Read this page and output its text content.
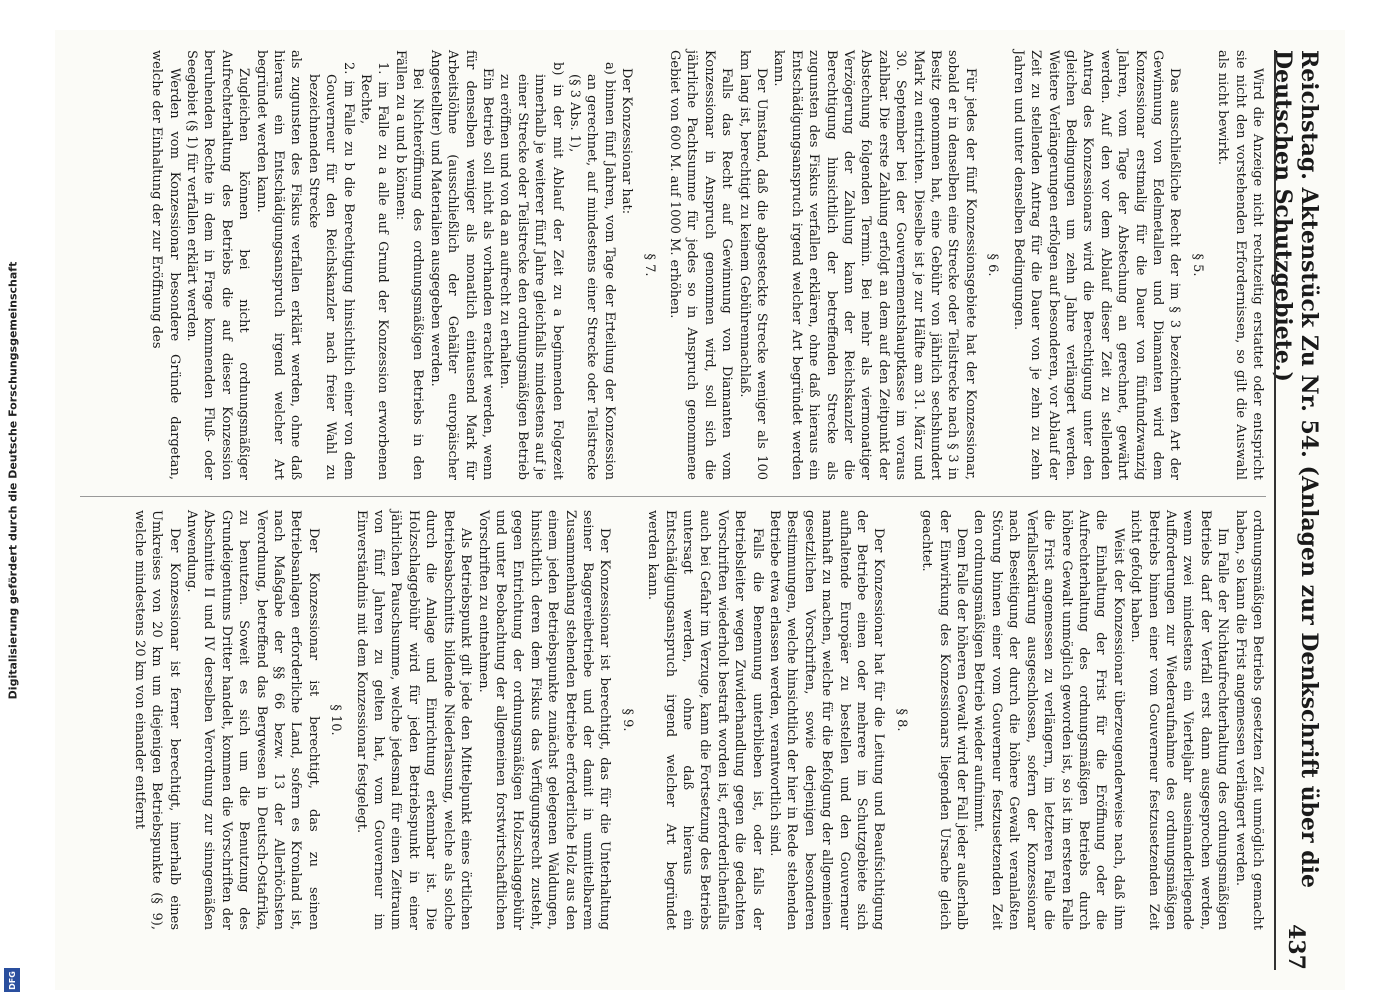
Digitalisierung gefördert durch die Deutsche Forschungsgemeinschaft
DFG
Reichstag. Aktenstück Zu Nr. 54. (Anlagen zur Denkschrift über die Deutschen Schutzgebiete.)
437

Wird die Anzeige nicht rechtzeitig erstattet oder entspricht sie nicht den vorstehenden Erfordernissen, so gilt die Auswahl als nicht bewirkt.

§ 5.

Das ausschließliche Recht der im § 3 bezeichneten Art der Gewinnung von Edelmetallen und Diamanten wird dem Konzessionar erstmalig für die Dauer von fünfundzwanzig Jahren, vom Tage der Abstechung an gerechnet, gewährt werden. Auf den vor dem Ablauf dieser Zeit zu stellenden Antrag des Konzessionars wird die Berechtigung unter den gleichen Bedingungen um zehn Jahre verlängert werden. Weitere Verlängerungen erfolgen auf besonderen, vor Ablauf der Zeit zu stellenden Antrag für die Dauer von je zehn zu zehn Jahren und unter denselben Bedingungen.

§ 6.

Für jedes der fünf Konzessionsgebiete hat der Konzessionar, sobald er in denselben eine Strecke oder Teilstrecke nach § 3 in Besitz genommen hat, eine Gebühr von jährlich sechshundert Mark zu entrichten. Dieselbe ist je zur Hälfte am 31. März und 30. September bei der Gouvernementshauptkasse im voraus zahlbar. Die erste Zahlung erfolgt an dem auf den Zeitpunkt der Abstechung folgenden Termin. Bei mehr als viermonatiger Verzögerung der Zahlung kann der Reichskanzler die Berechtigung hinsichtlich der betreffenden Strecke als zugunsten des Fiskus verfallen erklären, ohne daß hieraus ein Entschädigungsanspruch irgend welcher Art begründet werden kann.

Der Umstand, daß die abgesteckte Strecke weniger als 100 km lang ist, berechtigt zu keinem Gebührennachlaß.

Falls das Recht auf Gewinnung von Diamanten vom Konzessionar in Anspruch genommen wird, soll sich die jährliche Pachtsumme für jedes so in Anspruch genommene Gebiet von 600 M. auf 1000 M. erhöhen.

§ 7.

Der Konzessionar hat:

a) binnen fünf Jahren, vom Tage der Erteilung der Konzession an gerechnet, auf mindestens einer Strecke oder Teilstrecke (§ 3 Abs. 1),

b) in der mit Ablauf der Zeit zu a beginnenden Folgezeit innerhalb je weiterer fünf Jahre gleichfalls mindestens auf je einer Strecke oder Teilstrecke den ordnungsmäßigen Betrieb zu eröffnen und von da an aufrecht zu erhalten.

Ein Betrieb soll nicht als vorhanden erachtet werden, wenn für denselben weniger als monatlich eintausend Mark für Arbeitslöhne (ausschließlich der Gehälter europäischer Angestellter) und Materialien ausgegeben werden.

Bei Nichteröffnung des ordnungsmäßigen Betriebs in den Fällen zu a und b können:

1. im Falle zu a alle auf Grund der Konzession erworbenen Rechte,

2. im Falle zu b die Berechtigung hinsichtlich einer von dem Gouverneur für den Reichskanzler nach freier Wahl zu bezeichnenden Strecke

als zugunsten des Fiskus verfallen erklärt werden, ohne daß hieraus ein Entschädigungsanspruch irgend welcher Art begründet werden kann.

Zugleichen können bei nicht ordnungsmäßiger Aufrechterhaltung des Betriebs die auf dieser Konzession beruhenden Rechte in dem in Frage kommenden Fluß- oder Seegebiet (§ 1) für verfallen erklärt werden.

Werden vom Konzessionar besondere Gründe dargetan, welche der Einhaltung der zur Eröffnung des

ordnungsmäßigen Betriebs gesetzten Zeit unmöglich gemacht haben, so kann die Frist angemessen verlängert werden.

Im Falle der Nichtaufrechterhaltung des ordnungsmäßigen Betriebs darf der Verfall erst dann ausgesprochen werden, wenn zwei mindestens ein Vierteljahr auseinanderliegende Aufforderungen zur Wiederaufnahme des ordnungsmäßigen Betriebs binnen einer vom Gouverneur festzusetzenden Zeit nicht gefolgt haben.

Weist der Konzessionar überzeugenderweise nach, daß ihm die Einhaltung der Frist für die Eröffnung oder die Aufrechterhaltung des ordnungsmäßigen Betriebs durch höhere Gewalt unmöglich geworden ist, so ist im ersteren Falle die Frist angemessen zu verlängern, im letzteren Falle die Verfallserklärung ausgeschlossen, sofern der Konzessionar nach Beseitigung der durch die höhere Gewalt veranlaßten Störung binnen einer vom Gouverneur festzusetzenden Zeit den ordnungsmäßigen Betrieb wieder aufnimmt.

Dem Falle der höheren Gewalt wird der Fall jeder außerhalb der Einwirkung des Konzessionars liegenden Ursache gleich geachtet.

§ 8.

Der Konzessionar hat für die Leitung und Beaufsichtigung der Betriebe einen oder mehrere im Schutzgebiete sich aufhaltende Europäer zu bestellen und den Gouverneur namhaft zu machen, welche für die Befolgung der allgemeinen gesetzlichen Vorschriften, sowie derjenigen besonderen Bestimmungen, welche hinsichtlich der hier in Rede stehenden Betriebe etwa erlassen werden, verantwortlich sind.

Falls die Benennung unterblieben ist, oder falls der Betriebsleiter wegen Zuwiderhandlung gegen die gedachten Vorschriften wiederholt bestraft worden ist, erforderlichenfalls auch bei Gefahr im Verzuge, kann die Fortsetzung des Betriebs untersagt werden, ohne daß hieraus ein Entschädigungsanspruch irgend welcher Art begründet werden kann.

§ 9.

Der Konzessionar ist berechtigt, das für die Unterhaltung seiner Baggereibetriebe und der damit in unmittelbarem Zusammenhang stehenden Betriebe erforderliche Holz aus den einem jeden Betriebspunkte zunächst gelegenen Waldungen, hinsichtlich deren dem Fiskus das Verfügungsrecht zusteht, gegen Entrichtung der ordnungsmäßigen Holzschlaggebühr und unter Beobachtung der allgemeinen forstwirtschaftlichen Vorschriften zu entnehmen.

Als Betriebspunkt gilt jede den Mittelpunkt eines örtlichen Betriebsabschnitts bildende Niederlassung, welche als solche durch die Anlage und Einrichtung erkennbar ist. Die Holzschlaggebühr wird für jeden Betriebspunkt in einer jährlichen Pauschsumme, welche jedesmal für einen Zeitraum von fünf Jahren zu gelten hat, vom Gouverneur im Einverständnis mit dem Konzessionar festgelegt.

§ 10.

Der Konzessionar ist berechtigt, das zu seinen Betriebsanlagen erforderliche Land, sofern es Kronland ist, nach Maßgabe der §§ 66 bezw. 13 der Allerhöchsten Verordnung, betreffend das Bergwesen in Deutsch-Ostafrika, zu benutzen. Soweit es sich um die Benutzung des Grundeigentums Dritter handelt, kommen die Vorschriften der Abschnitte II und IV derselben Verordnung zur sinngemäßen Anwendung.

Der Konzessionar ist ferner berechtigt, innerhalb eines Umkreises von 20 km um diejenigen Betriebspunkte (§ 9), welche mindestens 20 km von einander entfernt
